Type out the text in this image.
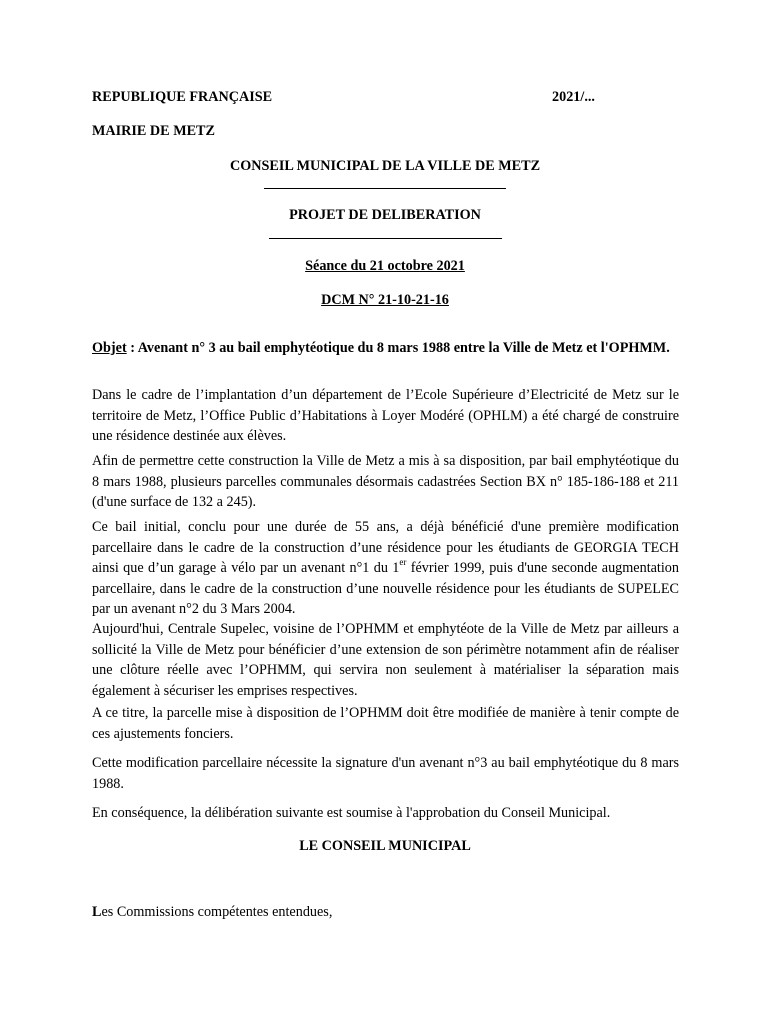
REPUBLIQUE FRANÇAISE	2021/...
MAIRIE DE METZ
CONSEIL MUNICIPAL DE LA VILLE DE METZ
PROJET DE DELIBERATION
Séance du 21 octobre 2021
DCM N° 21-10-21-16
Objet : Avenant n° 3 au bail emphytéotique du 8 mars 1988 entre la Ville de Metz et l'OPHMM.
Dans le cadre de l’implantation d’un département de l’Ecole Supérieure d’Electricité de Metz sur le territoire de Metz, l’Office Public d’Habitations à Loyer Modéré (OPHLM) a été chargé de construire une résidence destinée aux élèves.
Afin de permettre cette construction la Ville de Metz a mis à sa disposition, par bail emphytéotique du 8 mars 1988, plusieurs parcelles communales désormais cadastrées Section BX n° 185-186-188 et 211 (d'une surface de 132 a 245).
Ce bail initial, conclu pour une durée de 55 ans, a déjà bénéficié d'une première modification parcellaire dans le cadre de la construction d’une résidence pour les étudiants de GEORGIA TECH ainsi que d’un garage à vélo par un avenant n°1 du 1er février 1999, puis d'une seconde augmentation parcellaire, dans le cadre de la construction d’une nouvelle résidence pour les étudiants de SUPELEC par un avenant n°2 du 3 Mars 2004.
Aujourd'hui, Centrale Supelec, voisine de l’OPHMM et emphytéote de la Ville de Metz par ailleurs a sollicité la Ville de Metz pour bénéficier d’une extension de son périmètre notamment afin de réaliser une clôture réelle avec l’OPHMM, qui servira non seulement à matérialiser la séparation mais également à sécuriser les emprises respectives.
A ce titre, la parcelle mise à disposition de l’OPHMM doit être modifiée de manière à tenir compte de ces ajustements fonciers.
Cette modification parcellaire nécessite la signature d'un avenant n°3 au bail emphytéotique du 8 mars 1988.
En conséquence, la délibération suivante est soumise à l'approbation du Conseil Municipal.
LE CONSEIL MUNICIPAL
Les Commissions compétentes entendues,
